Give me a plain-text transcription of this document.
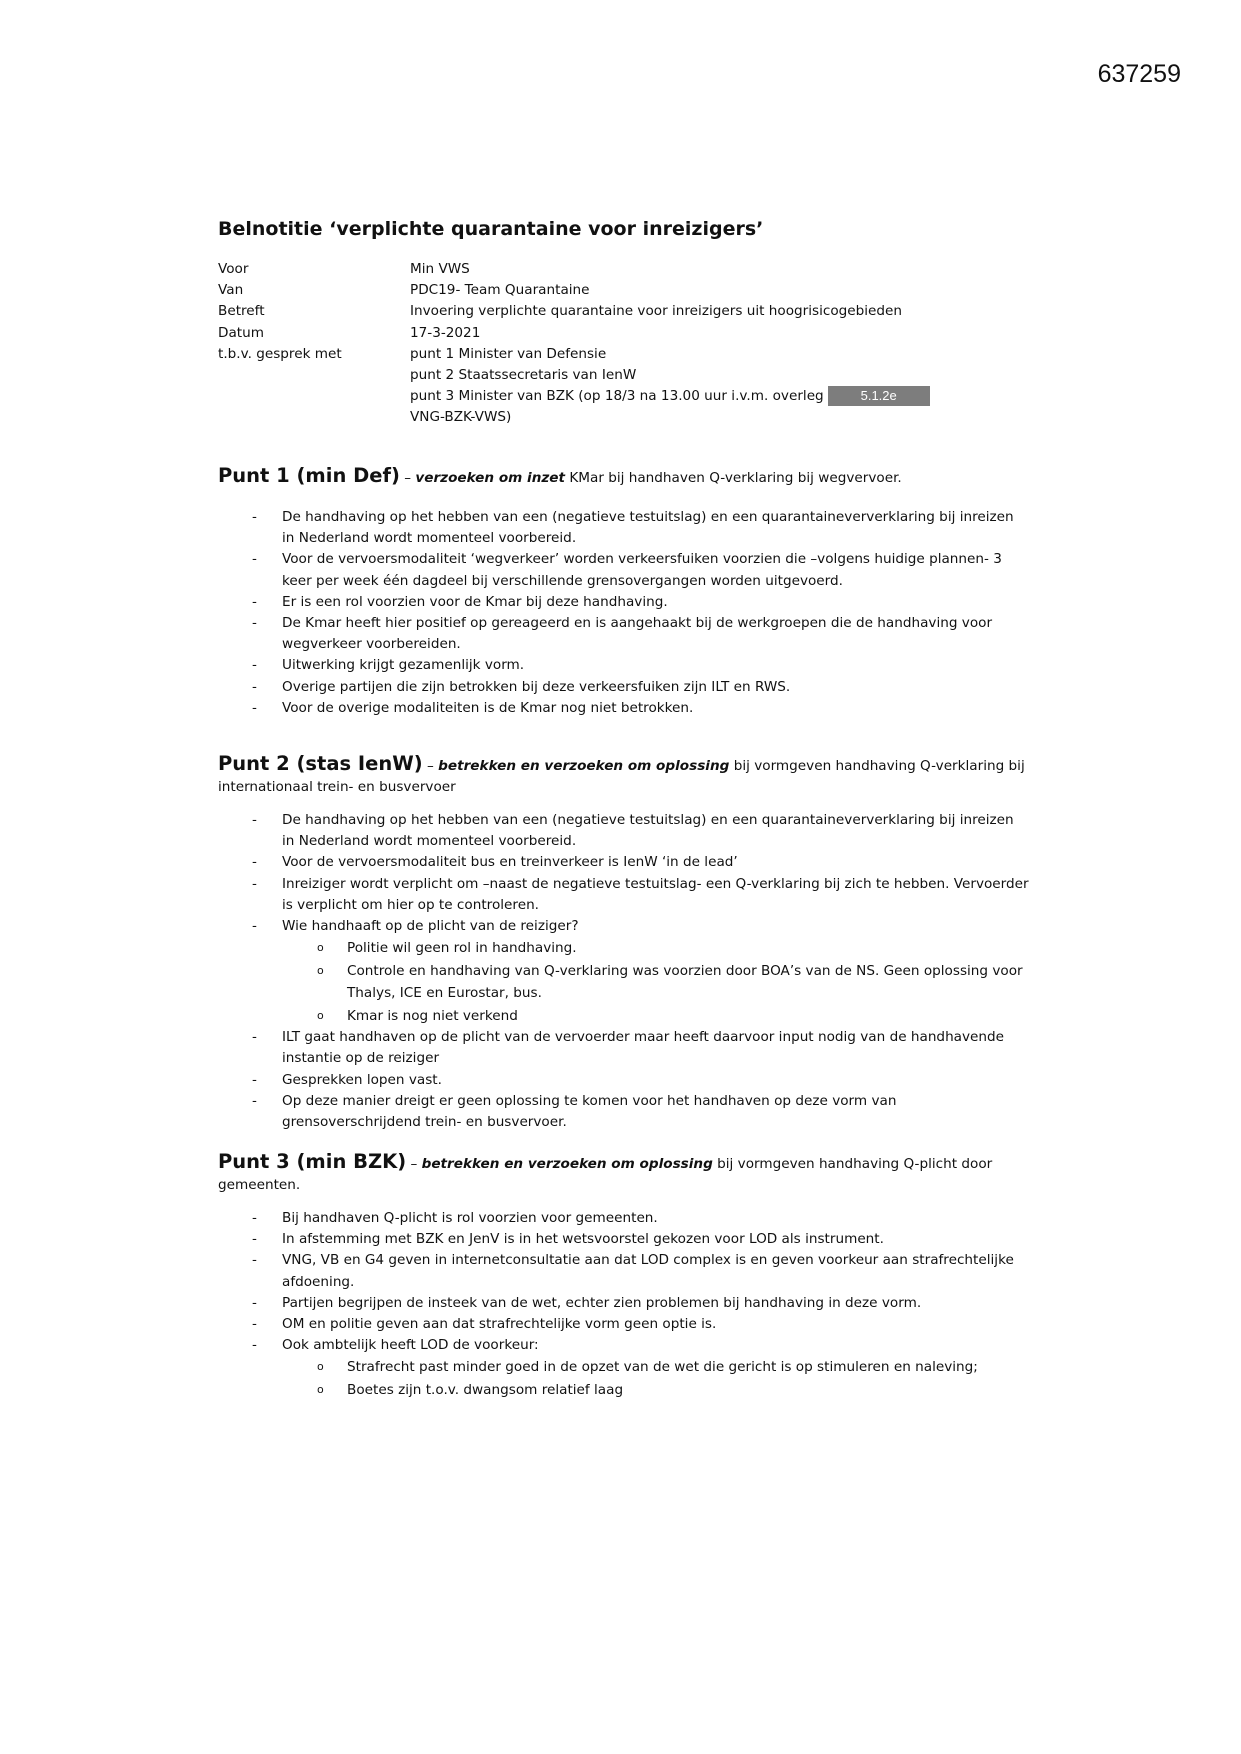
637259
Belnotitie ‘verplichte quarantaine voor inreizigers’
Voor	Min VWS
Van	PDC19- Team Quarantaine
Betreft	Invoering verplichte quarantaine voor inreizigers uit hoogrisicogebieden
Datum	17-3-2021
t.b.v. gesprek met	punt 1 Minister van Defensie
punt 2 Staatssecretaris van IenW
punt 3 Minister van BZK (op 18/3 na 13.00 uur i.v.m. overleg	5.1.2e
VNG-BZK-VWS)
Punt 1 (min Def) – verzoeken om inzet KMar bij handhaven Q-verklaring bij wegvervoer.
- De handhaving op het hebben van een (negatieve testuitslag) en een quarantaineververklaring bij inreizen in Nederland wordt momenteel voorbereid.
- Voor de vervoersmodaliteit ‘wegverkeer’ worden verkeersfuiken voorzien die –volgens huidige plannen- 3 keer per week één dagdeel bij verschillende grensovergangen worden uitgevoerd.
- Er is een rol voorzien voor de Kmar bij deze handhaving.
- De Kmar heeft hier positief op gereageerd en is aangehaakt bij de werkgroepen die de handhaving voor wegverkeer voorbereiden.
- Uitwerking krijgt gezamenlijk vorm.
- Overige partijen die zijn betrokken bij deze verkeersfuiken zijn ILT en RWS.
- Voor de overige modaliteiten is de Kmar nog niet betrokken.
Punt 2 (stas IenW) – betrekken en verzoeken om oplossing bij vormgeven handhaving Q-verklaring bij internationaal trein- en busvervoer
- De handhaving op het hebben van een (negatieve testuitslag) en een quarantaineververklaring bij inreizen in Nederland wordt momenteel voorbereid.
- Voor de vervoersmodaliteit bus en treinverkeer is IenW ‘in de lead’
- Inreiziger wordt verplicht om –naast de negatieve testuitslag- een Q-verklaring bij zich te hebben. Vervoerder is verplicht om hier op te controleren.
- Wie handhaaft op de plicht van de reiziger?
o Politie wil geen rol in handhaving.
o Controle en handhaving van Q-verklaring was voorzien door BOA’s van de NS. Geen oplossing voor Thalys, ICE en Eurostar, bus.
o Kmar is nog niet verkend
- ILT gaat handhaven op de plicht van de vervoerder maar heeft daarvoor input nodig van de handhavende instantie op de reiziger
- Gesprekken lopen vast.
- Op deze manier dreigt er geen oplossing te komen voor het handhaven op deze vorm van grensoverschrijdend trein- en busvervoer.
Punt 3 (min BZK) – betrekken en verzoeken om oplossing bij vormgeven handhaving Q-plicht door gemeenten.
- Bij handhaven Q-plicht is rol voorzien voor gemeenten.
- In afstemming met BZK en JenV is in het wetsvoorstel gekozen voor LOD als instrument.
- VNG, VB en G4 geven in internetconsultatie aan dat LOD complex is en geven voorkeur aan strafrechtelijke afdoening.
- Partijen begrijpen de insteek van de wet, echter zien problemen bij handhaving in deze vorm.
- OM en politie geven aan dat strafrechtelijke vorm geen optie is.
- Ook ambtelijk heeft LOD de voorkeur:
o Strafrecht past minder goed in de opzet van de wet die gericht is op stimuleren en naleving;
o Boetes zijn t.o.v. dwangsom relatief laag
